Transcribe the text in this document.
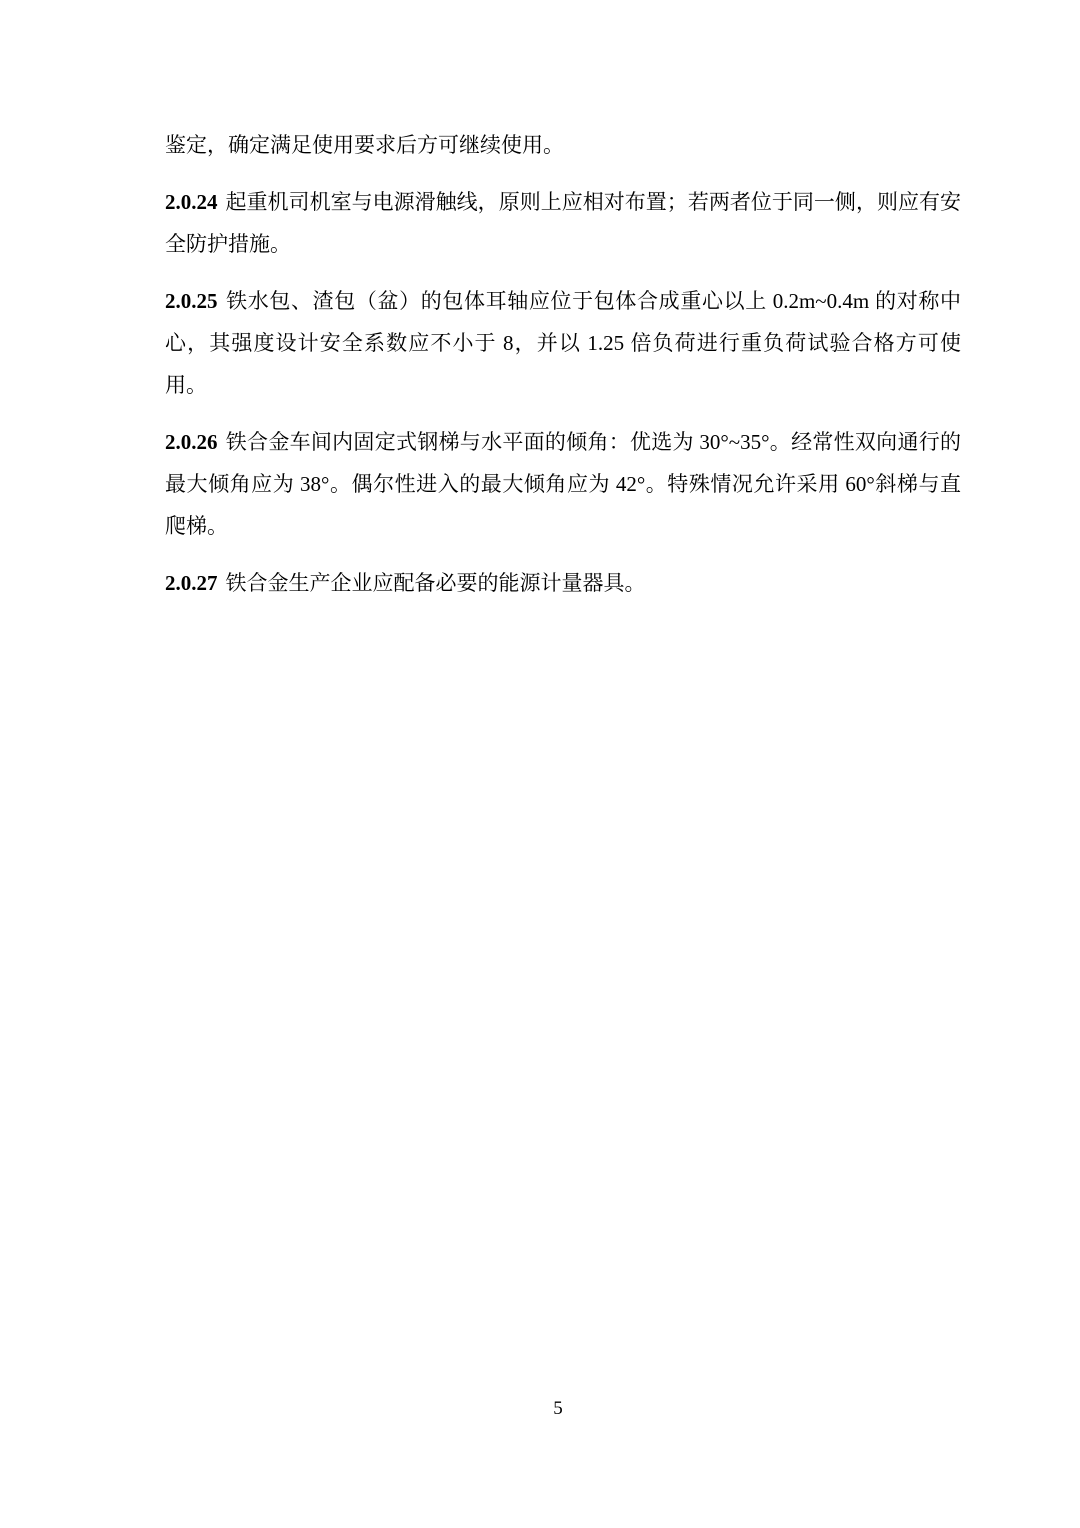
鉴定，确定满足使用要求后方可继续使用。

2.0.24 起重机司机室与电源滑触线，原则上应相对布置；若两者位于同一侧，则应有安全防护措施。

2.0.25 铁水包、渣包（盆）的包体耳轴应位于包体合成重心以上 0.2m~0.4m 的对称中心，其强度设计安全系数应不小于 8，并以 1.25 倍负荷进行重负荷试验合格方可使用。

2.0.26 铁合金车间内固定式钢梯与水平面的倾角：优选为 30°~35°。经常性双向通行的最大倾角应为 38°。偶尔性进入的最大倾角应为 42°。特殊情况允许采用 60°斜梯与直爬梯。

2.0.27 铁合金生产企业应配备必要的能源计量器具。

5
